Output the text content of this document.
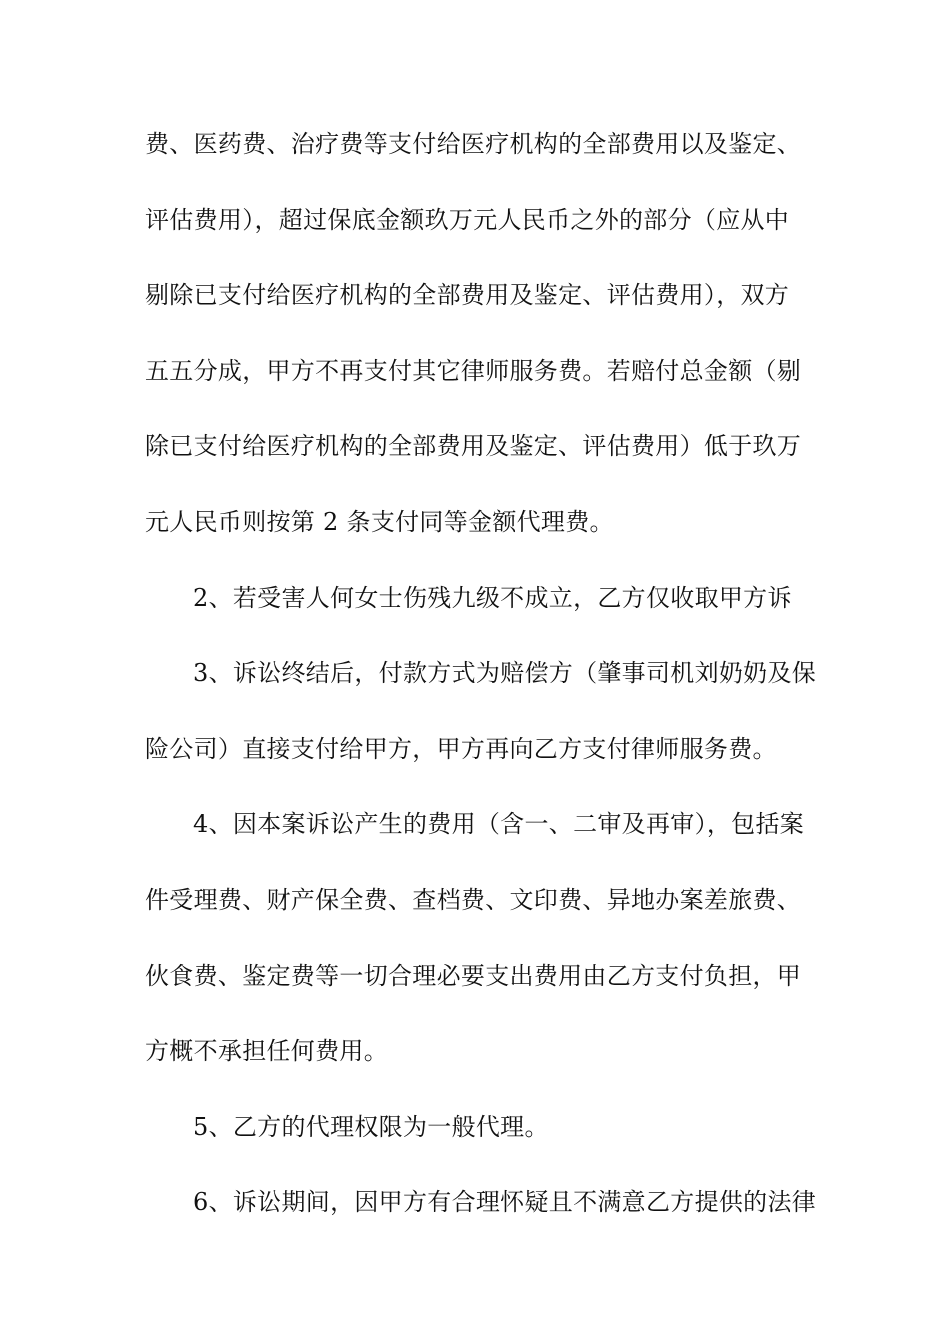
费、医药费、治疗费等支付给医疗机构的全部费用以及鉴定、
评估费用），超过保底金额玖万元人民币之外的部分（应从中
剔除已支付给医疗机构的全部费用及鉴定、评估费用），双方
五五分成，甲方不再支付其它律师服务费。若赔付总金额（剔
除已支付给医疗机构的全部费用及鉴定、评估费用）低于玖万
元人民币则按第 2 条支付同等金额代理费。
2、若受害人何女士伤残九级不成立，乙方仅收取甲方诉
3、诉讼终结后，付款方式为赔偿方（肇事司机刘奶奶及保
险公司）直接支付给甲方，甲方再向乙方支付律师服务费。
4、因本案诉讼产生的费用（含一、二审及再审），包括案
件受理费、财产保全费、查档费、文印费、异地办案差旅费、
伙食费、鉴定费等一切合理必要支出费用由乙方支付负担，甲
方概不承担任何费用。
5、乙方的代理权限为一般代理。
6、诉讼期间，因甲方有合理怀疑且不满意乙方提供的法律
